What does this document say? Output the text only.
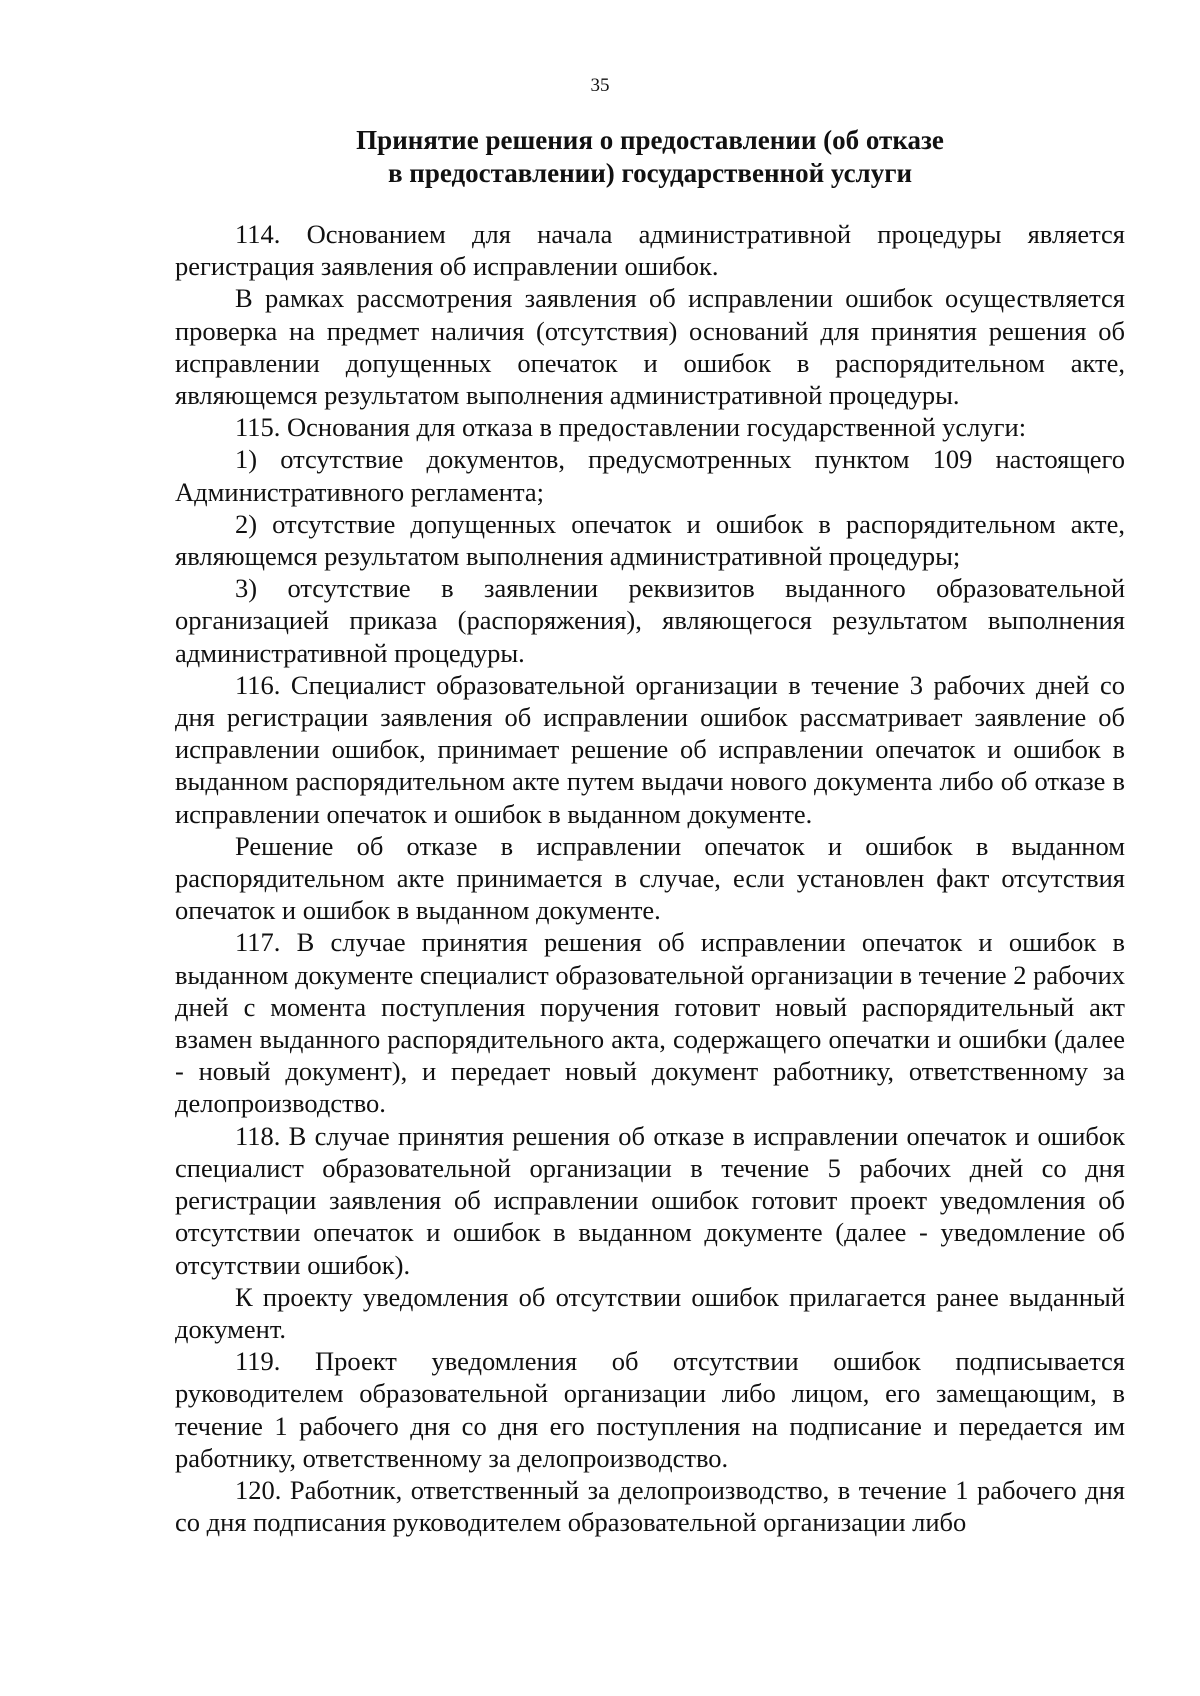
35
Принятие решения о предоставлении (об отказе
в предоставлении) государственной услуги

114. Основанием для начала административной процедуры является регистрация заявления об исправлении ошибок.

В рамках рассмотрения заявления об исправлении ошибок осуществляется проверка на предмет наличия (отсутствия) оснований для принятия решения об исправлении допущенных опечаток и ошибок в распорядительном акте, являющемся результатом выполнения административной процедуры.

115. Основания для отказа в предоставлении государственной услуги:

1) отсутствие документов, предусмотренных пунктом 109 настоящего Административного регламента;

2) отсутствие допущенных опечаток и ошибок в распорядительном акте, являющемся результатом выполнения административной процедуры;

3) отсутствие в заявлении реквизитов выданного образовательной организацией приказа (распоряжения), являющегося результатом выполнения административной процедуры.

116. Специалист образовательной организации в течение 3 рабочих дней со дня регистрации заявления об исправлении ошибок рассматривает заявление об исправлении ошибок, принимает решение об исправлении опечаток и ошибок в выданном распорядительном акте путем выдачи нового документа либо об отказе в исправлении опечаток и ошибок в выданном документе.

Решение об отказе в исправлении опечаток и ошибок в выданном распорядительном акте принимается в случае, если установлен факт отсутствия опечаток и ошибок в выданном документе.

117. В случае принятия решения об исправлении опечаток и ошибок в выданном документе специалист образовательной организации в течение 2 рабочих дней с момента поступления поручения готовит новый распорядительный акт взамен выданного распорядительного акта, содержащего опечатки и ошибки (далее - новый документ), и передает новый документ работнику, ответственному за делопроизводство.

118. В случае принятия решения об отказе в исправлении опечаток и ошибок специалист образовательной организации в течение 5 рабочих дней со дня регистрации заявления об исправлении ошибок готовит проект уведомления об отсутствии опечаток и ошибок в выданном документе (далее - уведомление об отсутствии ошибок).

К проекту уведомления об отсутствии ошибок прилагается ранее выданный документ.

119. Проект уведомления об отсутствии ошибок подписывается руководителем образовательной организации либо лицом, его замещающим, в течение 1 рабочего дня со дня его поступления на подписание и передается им работнику, ответственному за делопроизводство.

120. Работник, ответственный за делопроизводство, в течение 1 рабочего дня со дня подписания руководителем образовательной организации либо
